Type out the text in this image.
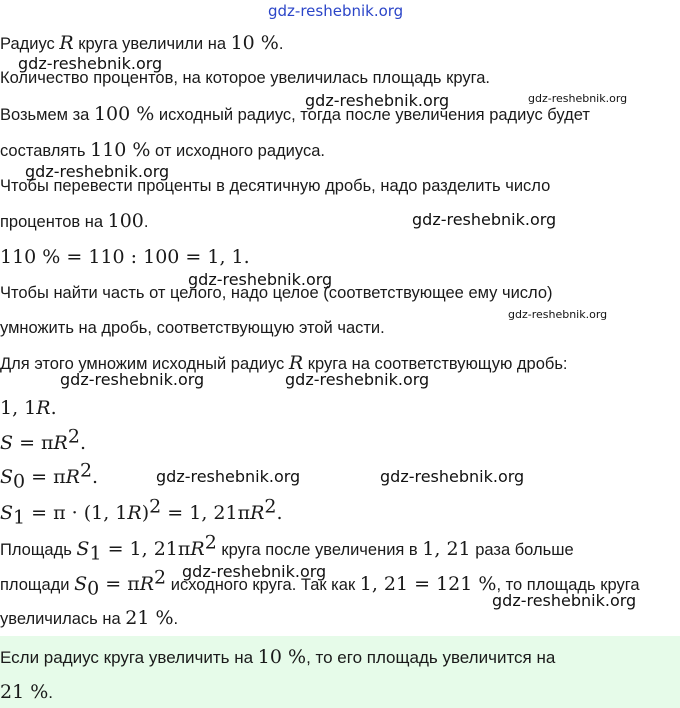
Радиус R круга увеличили на 10 %.

Количество процентов, на которое увеличилась площадь круга.

Возьмем за 100 % исходный радиус, тогда после увеличения радиус будет

составлять 110 % от исходного радиуса.

Чтобы перевести проценты в десятичную дробь, надо разделить число

процентов на 100.

110 % = 110 : 100 = 1, 1.

Чтобы найти часть от целого, надо целое (соответствующее ему число)

умножить на дробь, соответствующую этой части.

Для этого умножим исходный радиус R круга на соответствующую дробь:

1, 1R.

$S = \pi R^2$.

$S_0 = \pi R^2$.

$S_1 = \pi \cdot (1$, 1R)$^2$ = 1, $21\pi R^2$.

Площадь $S_1 = 1$, $21\pi R^2$ круга после увеличения в 1, 21 раза больше

площади $S_0 = \pi R^2$ исходного круга. Так как 1, 21 = 121 %, то площадь круга

увеличилась на 21 %.

Если радиус круга увеличить на 10 %, то его площадь увеличится на

21 %.

gdz-reshebnik.org
gdz-reshebnik.org
gdz-reshebnik.org	gdz-reshebnik.org
gdz-reshebnik.org
gdz-reshebnik.org
gdz-reshebnik.org
gdz-reshebnik.org
gdz-reshebnik.org	gdz-reshebnik.org
gdz-reshebnik.org	gdz-reshebnik.org
gdz-reshebnik.org
gdz-reshebnik.org
